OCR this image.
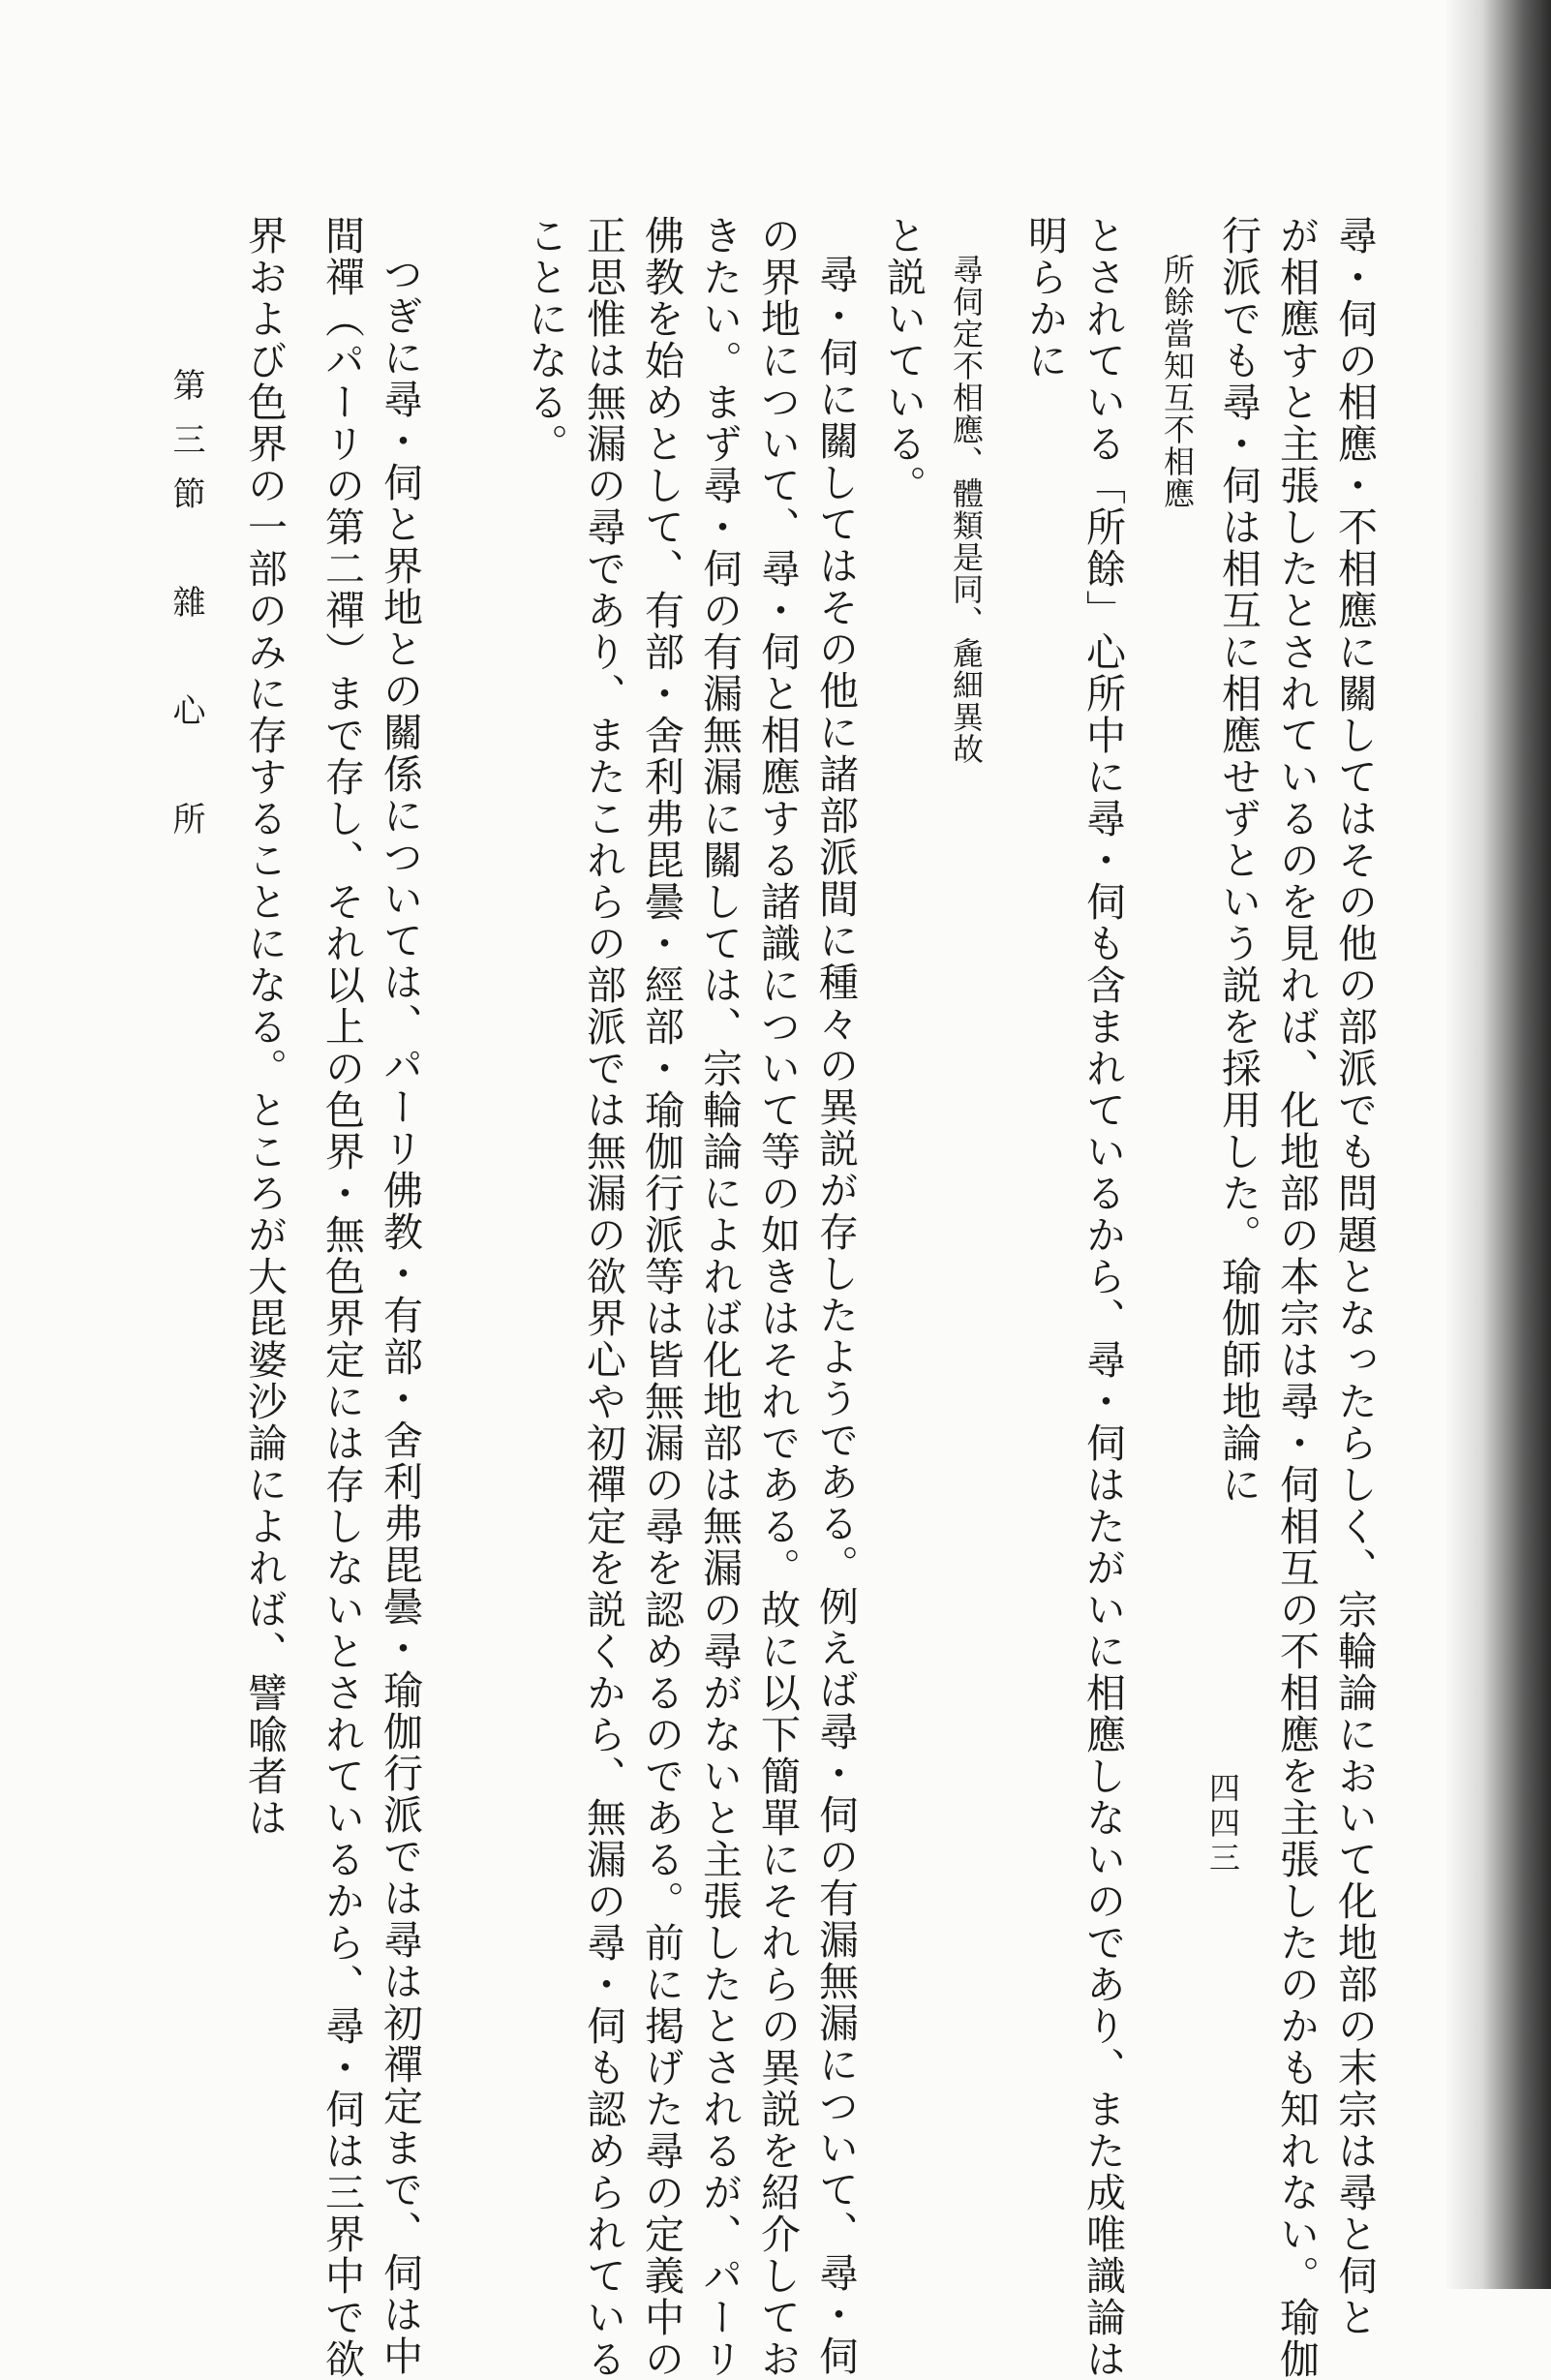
四四三 尋・伺の相應・不相應に關してはその他の部派でも問題となったらしく、宗輪論において化地部の末宗は尋と伺と
が相應すと主張したとされているのを見れば、化地部の本宗は尋・伺相互の不相應を主張したのかも知れない。瑜伽
行派でも尋・伺は相互に相應せずという説を採用した。瑜伽師地論に
所餘當知互不相應
とされている「所餘」心所中に尋・伺も含まれているから、尋・伺はたがいに相應しないのであり、また成唯識論は
明らかに
尋伺定不相應、體類是同、麁細異故
と説いている。
尋・伺に關してはその他に諸部派間に種々の異説が存したようである。例えば尋・伺の有漏無漏について、尋・伺
の界地について、尋・伺と相應する諸識について等の如きはそれである。故に以下簡單にそれらの異説を紹介してお
きたい。まず尋・伺の有漏無漏に關しては、宗輪論によれば化地部は無漏の尋がないと主張したとされるが、パーリ
佛教を始めとして、有部・舍利弗毘曇・經部・瑜伽行派等は皆無漏の尋を認めるのである。前に掲げた尋の定義中の
正思惟は無漏の尋であり、またこれらの部派では無漏の欲界心や初禪定を説くから、無漏の尋・伺も認められている
ことになる。
つぎに尋・伺と界地との關係については、パーリ佛教・有部・舍利弗毘曇・瑜伽行派では尋は初禪定まで、伺は中
間禪（パーリの第二禪）まで存し、それ以上の色界・無色界定には存しないとされているから、尋・伺は三界中で欲
界および色界の一部のみに存することになる。ところが大毘婆沙論によれば、譬喩者は
第三節　雜　心　所
